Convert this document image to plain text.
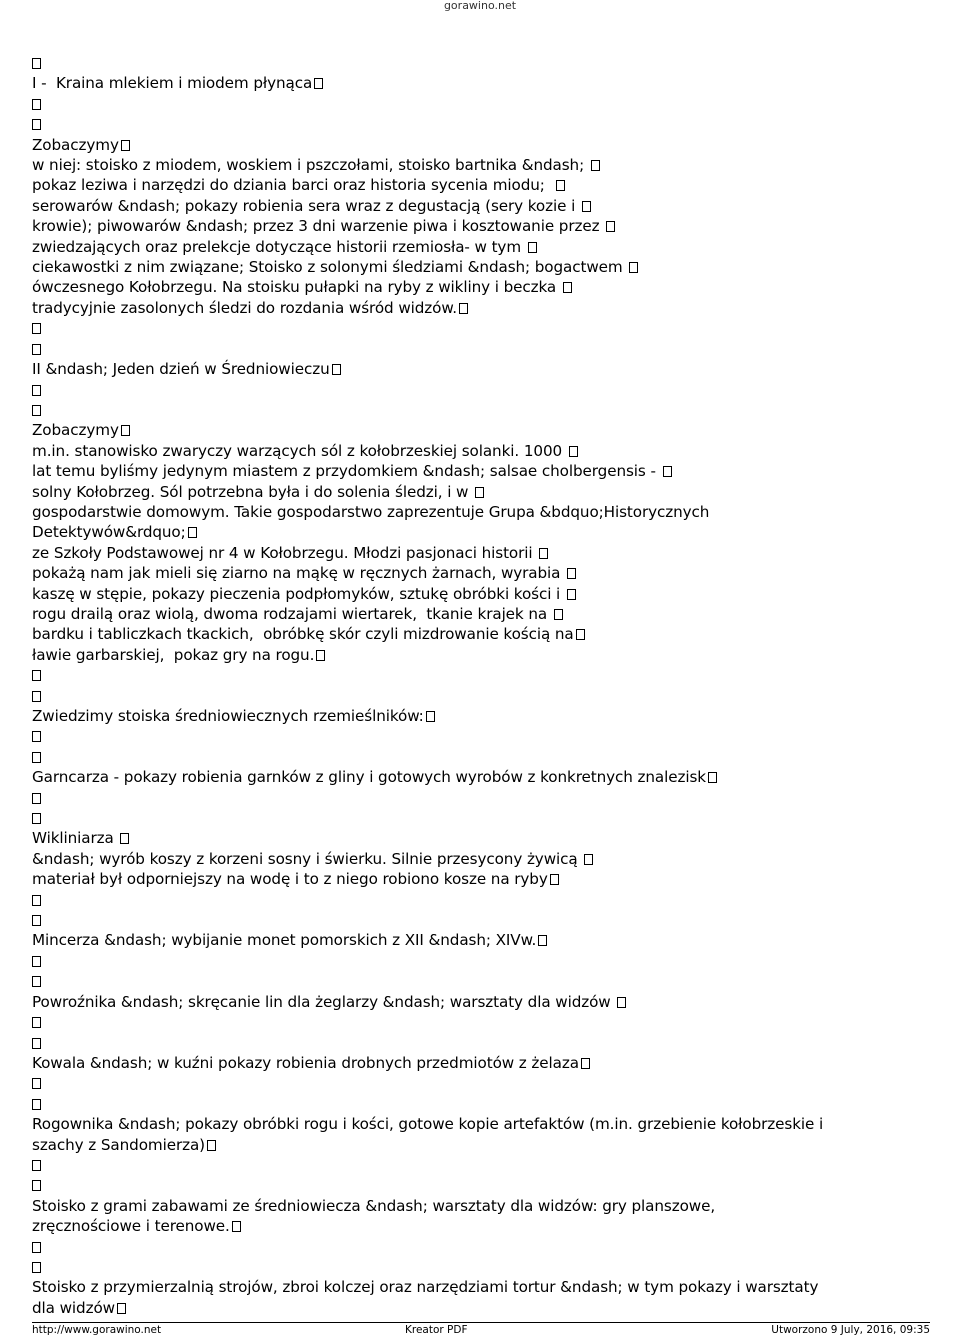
gorawino.net
I -  Kraina mlekiem i miodem płynąca
Zobaczymy
w niej: stoisko z miodem, woskiem i pszczołami, stoisko bartnika &ndash;
pokaz leziwa i narzędzi do dziania barci oraz historia sycenia miodu;
serowarów &ndash; pokazy robienia sera wraz z degustacją (sery kozie i
krowie); piwowarów &ndash; przez 3 dni warzenie piwa i kosztowanie przez
zwiedzających oraz prelekcje dotyczące historii rzemiosła- w tym
ciekawostki z nim związane; Stoisko z solonymi śledziami &ndash; bogactwem
ówczesnego Kołobrzegu. Na stoisku pułapki na ryby z wikliny i beczka
tradycyjnie zasolonych śledzi do rozdania wśród widzów.
II &ndash; Jeden dzień w Średniowieczu
Zobaczymy
m.in. stanowisko zwaryczy warzących sól z kołobrzeskiej solanki. 1000
lat temu byliśmy jedynym miastem z przydomkiem &ndash; salsae cholbergensis -
solny Kołobrzeg. Sól potrzebna była i do solenia śledzi, i w
gospodarstwie domowym. Takie gospodarstwo zaprezentuje Grupa &bdquo;Historycznych
Detektywów&rdquo;
ze Szkoły Podstawowej nr 4 w Kołobrzegu. Młodzi pasjonaci historii
pokażą nam jak mieli się ziarno na mąkę w ręcznych żarnach, wyrabia
kaszę w stępie, pokazy pieczenia podpłomyków, sztukę obróbki kości i
rogu drailą oraz wiolą, dwoma rodzajami wiertarek,  tkanie krajek na
bardku i tabliczkach tkackich,  obróbkę skór czyli mizdrowanie kością na
ławie garbarskiej,  pokaz gry na rogu.
Zwiedzimy stoiska średniowiecznych rzemieślników:
Garncarza - pokazy robienia garnków z gliny i gotowych wyrobów z konkretnych znalezisk
Wikliniarza
&ndash; wyrób koszy z korzeni sosny i świerku. Silnie przesycony żywicą
materiał był odporniejszy na wodę i to z niego robiono kosze na ryby
Mincerza &ndash; wybijanie monet pomorskich z XII &ndash; XIVw.
Powroźnika &ndash; skręcanie lin dla żeglarzy &ndash; warsztaty dla widzów
Kowala &ndash; w kuźni pokazy robienia drobnych przedmiotów z żelaza
Rogownika &ndash; pokazy obróbki rogu i kości, gotowe kopie artefaktów (m.in. grzebienie kołobrzeskie i
szachy z Sandomierza)
Stoisko z grami zabawami ze średniowiecza &ndash; warsztaty dla widzów: gry planszowe,
zręcznościowe i terenowe.
Stoisko z przymierzalnią strojów, zbroi kolczej oraz narzędziami tortur &ndash; w tym pokazy i warsztaty
dla widzów
http://www.gorawino.net	Kreator PDF	Utworzono 9 July, 2016, 09:35
